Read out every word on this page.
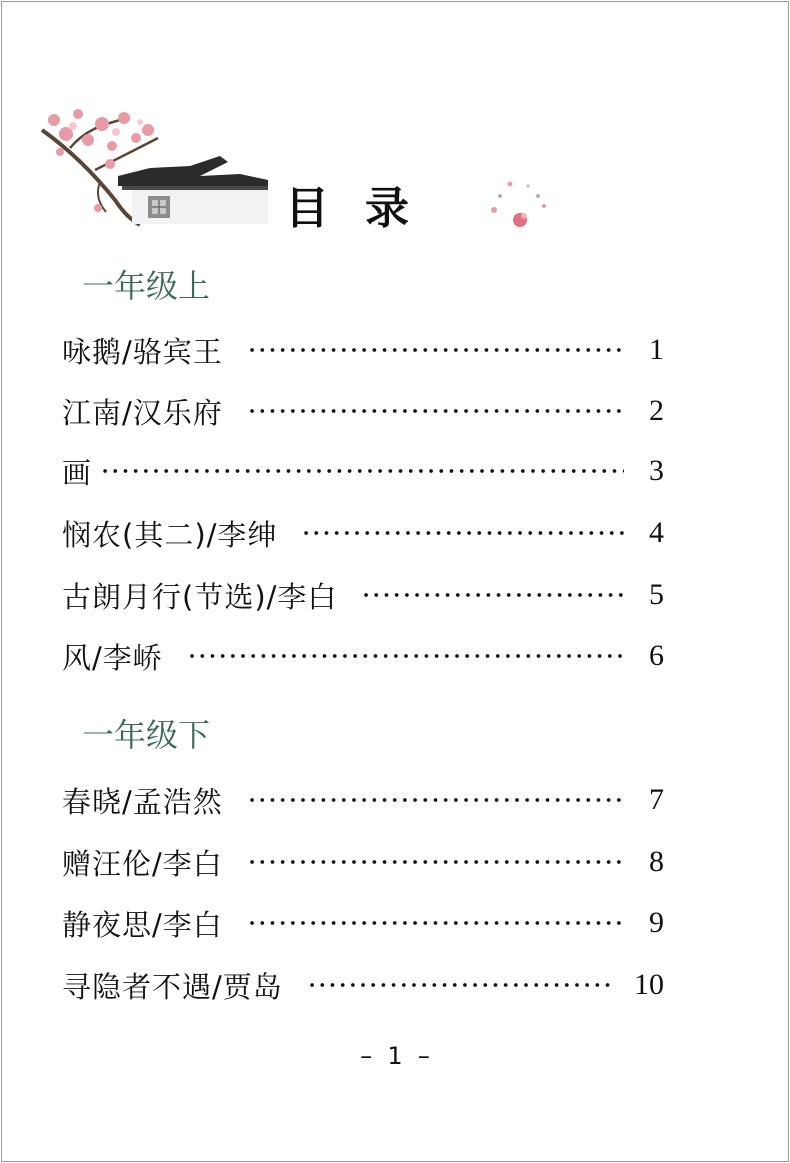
目录
一年级上
咏鹅/骆宾王	1
江南/汉乐府	2
画	3
悯农(其二)/李绅	4
古朗月行(节选)/李白	5
风/李峤	6
一年级下
春晓/孟浩然	7
赠汪伦/李白	8
静夜思/李白	9
寻隐者不遇/贾岛	10
–  1  –
